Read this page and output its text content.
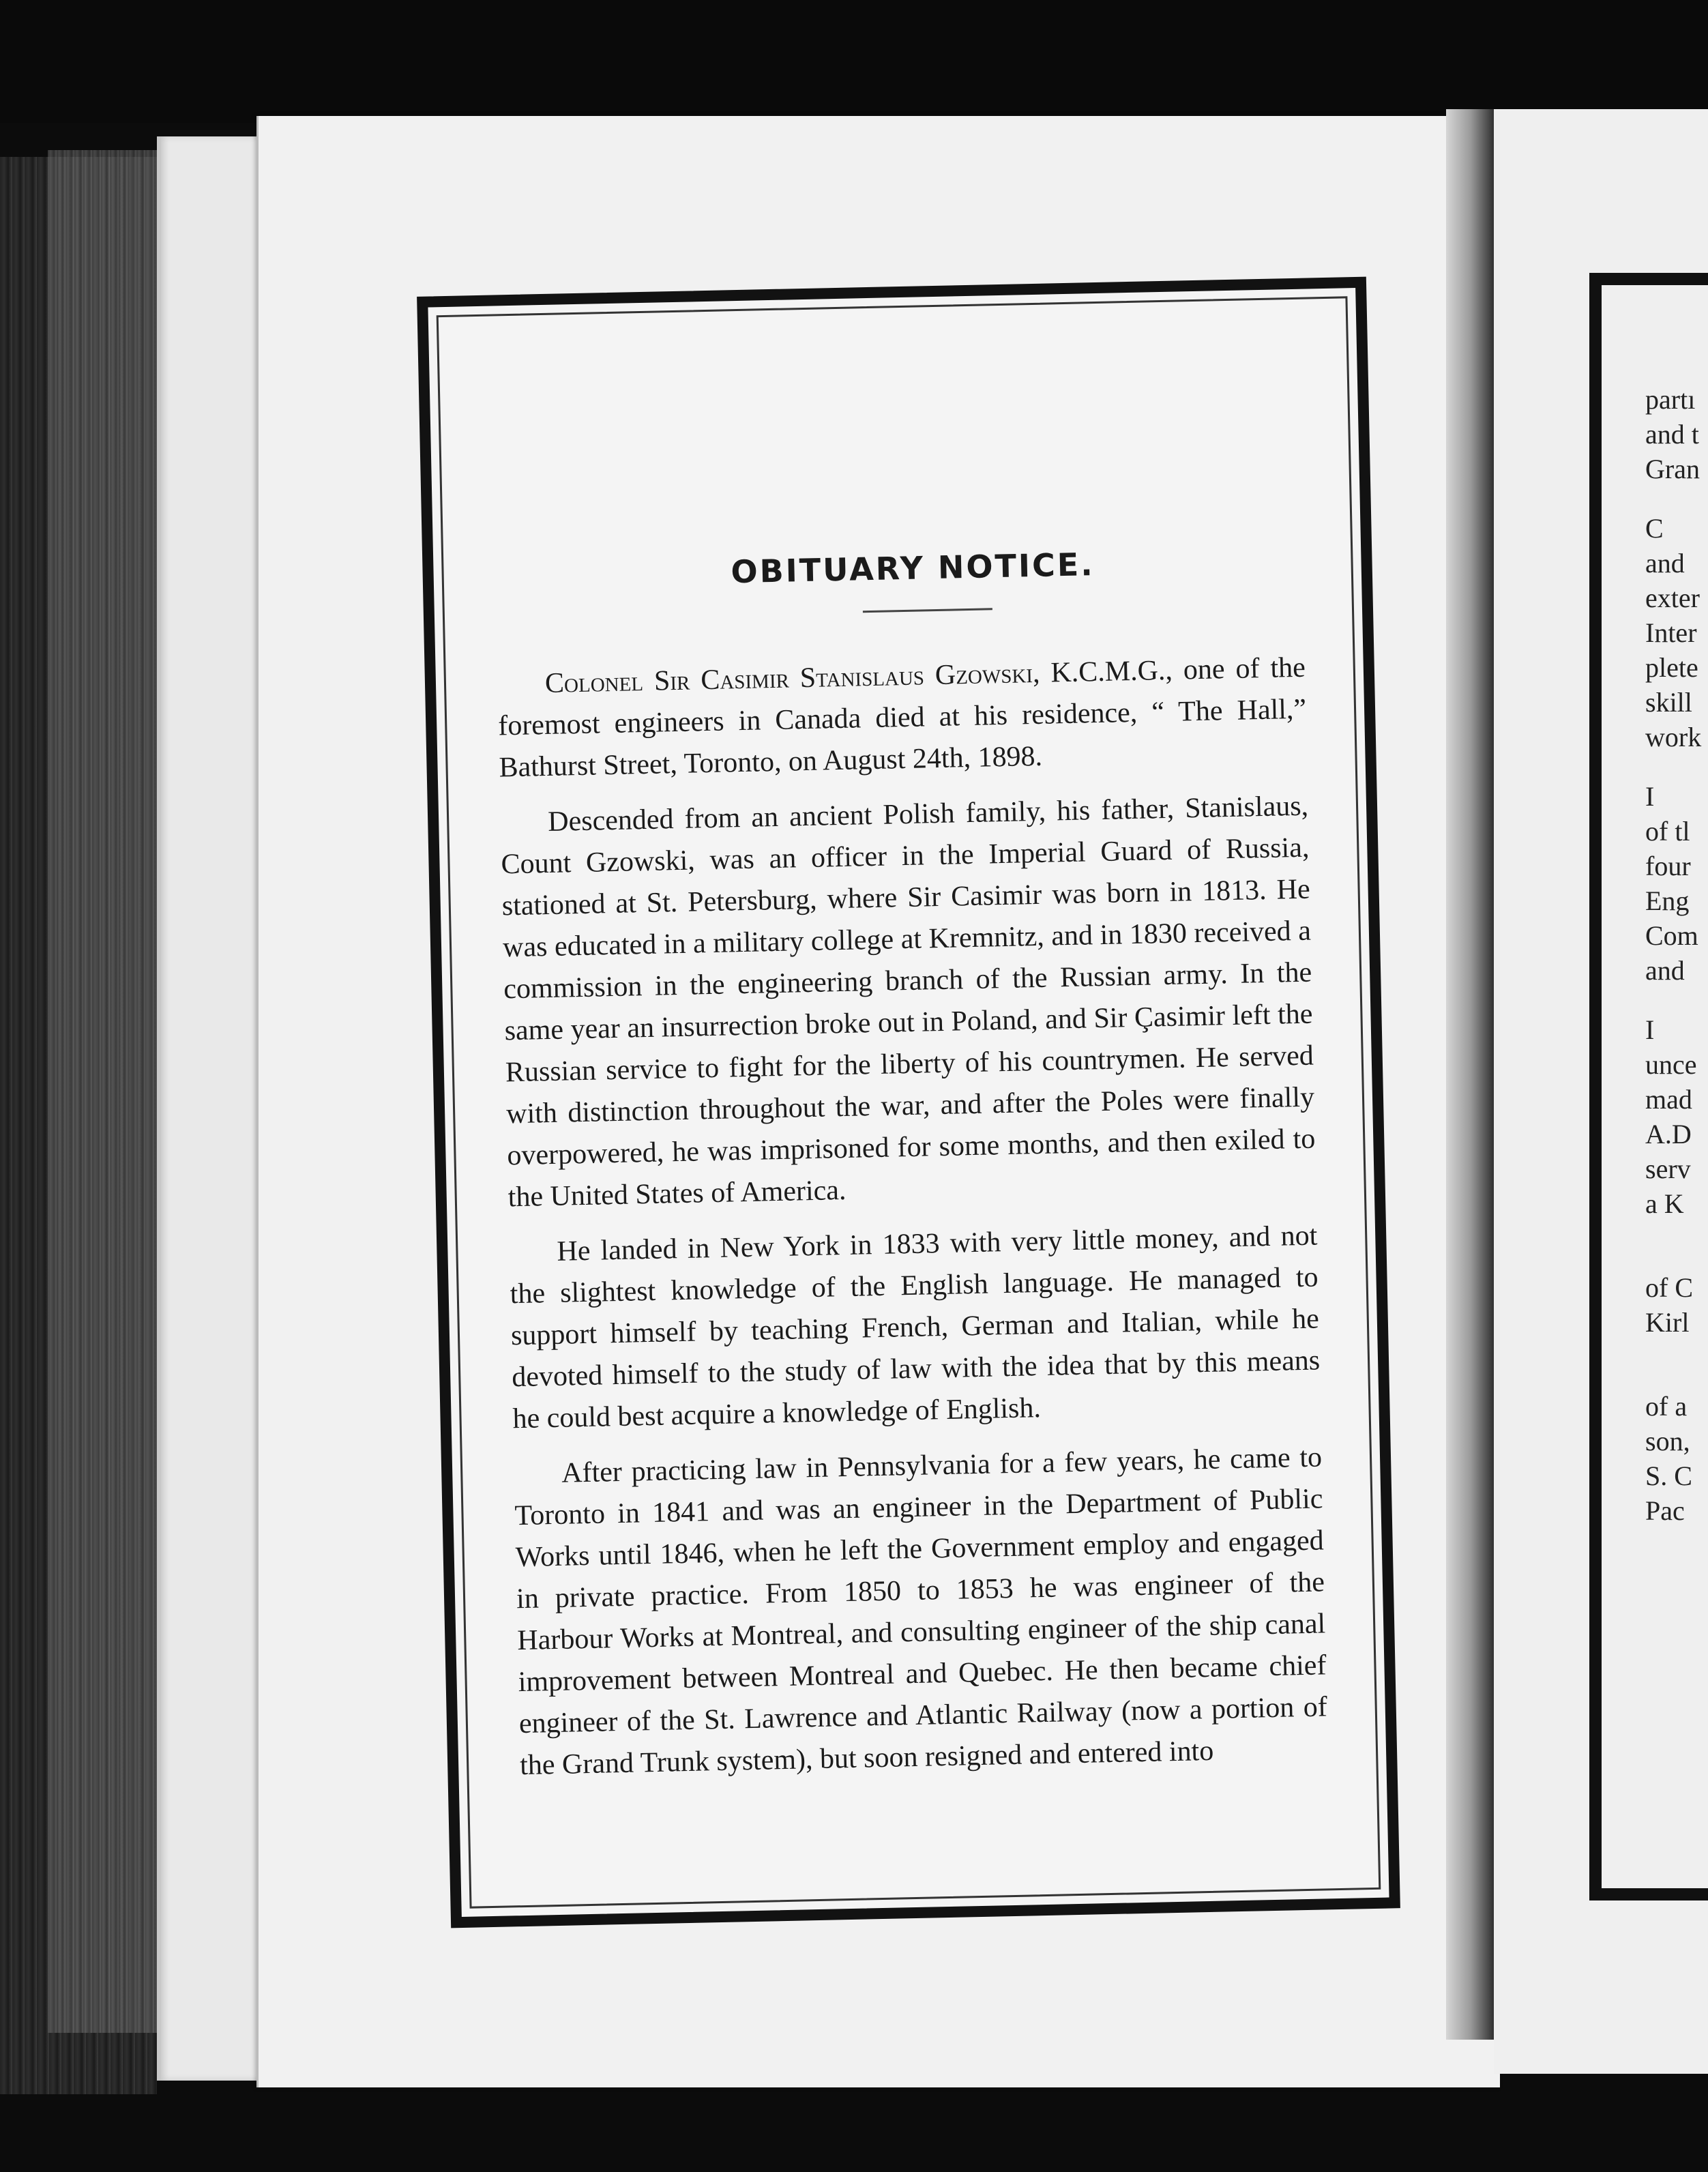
partı
and t
Gran
C
and
exter
Inter
plete
skill
work
I
of tl
four
Eng
Com
and
I
unce
mad
A.D
serv
a K
of C
Kirl
of a
son,
S. C
Pac
OBITUARY NOTICE.

Colonel Sir Casimir Stanislaus Gzowski, K.C.M.G., one of the foremost engineers in Canada died at his residence, “ The Hall,” Bathurst Street, Toronto, on August 24th, 1898.

Descended from an ancient Polish family, his father, Stanislaus, Count Gzowski, was an officer in the Imperial Guard of Russia, stationed at St. Petersburg, where Sir Casimir was born in 1813. He was educated in a military college at Kremnitz, and in 1830 received a commission in the engineering branch of the Russian army. In the same year an insurrection broke out in Poland, and Sir Çasimir left the Russian service to fight for the liberty of his countrymen. He served with distinction throughout the war, and after the Poles were finally overpowered, he was imprisoned for some months, and then exiled to the United States of America.

He landed in New York in 1833 with very little money, and not the slightest knowledge of the English language. He managed to support himself by teaching French, German and Italian, while he devoted himself to the study of law with the idea that by this means he could best acquire a knowledge of English.

After practicing law in Pennsylvania for a few years, he came to Toronto in 1841 and was an engineer in the Department of Public Works until 1846, when he left the Government employ and engaged in private practice. From 1850 to 1853 he was engineer of the Harbour Works at Montreal, and consulting engineer of the ship canal improvement between Montreal and Quebec. He then became chief engineer of the St. Lawrence and Atlantic Railway (now a portion of the Grand Trunk system), but soon resigned and entered into
